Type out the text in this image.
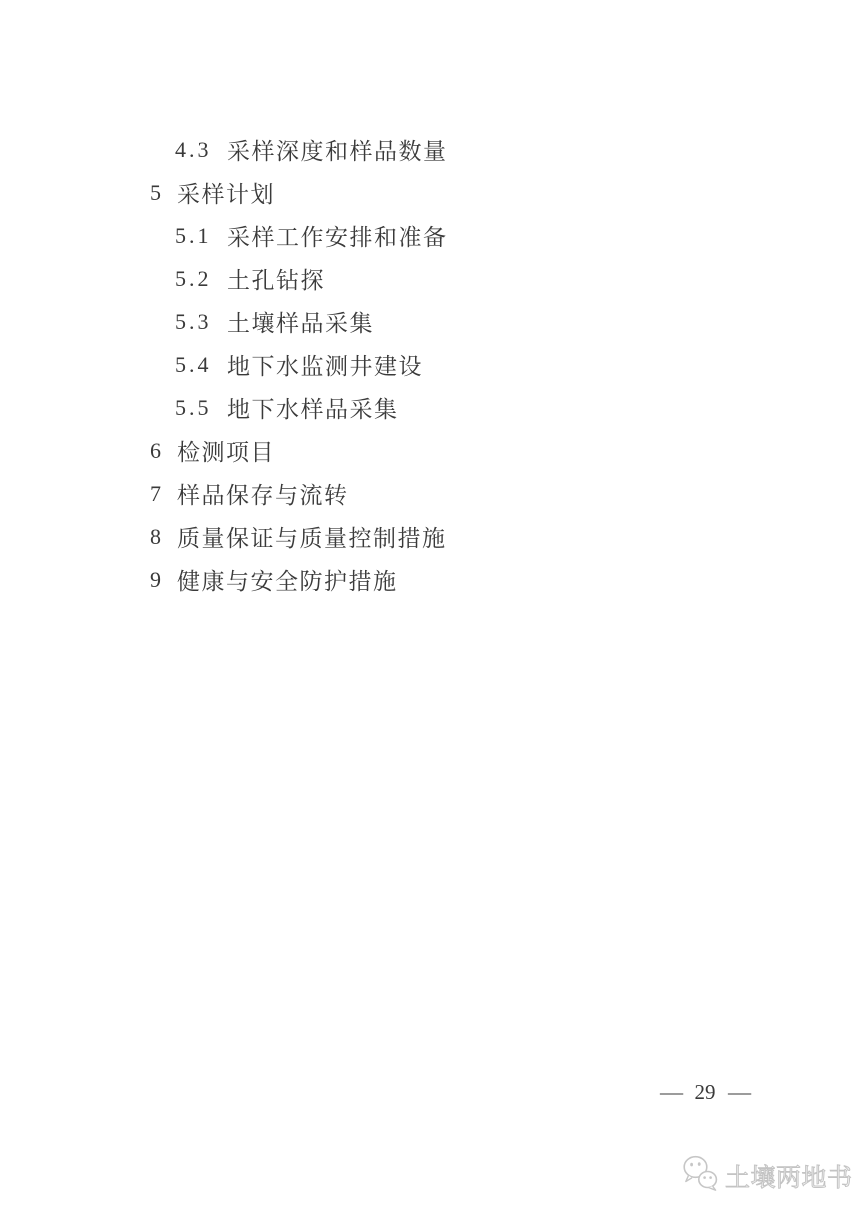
4.3 采样深度和样品数量
5 采样计划
5.1 采样工作安排和准备
5.2 土孔钻探
5.3 土壤样品采集
5.4 地下水监测井建设
5.5 地下水样品采集
6 检测项目
7 样品保存与流转
8 质量保证与质量控制措施
9 健康与安全防护措施
— 29 —
土壤两地书
